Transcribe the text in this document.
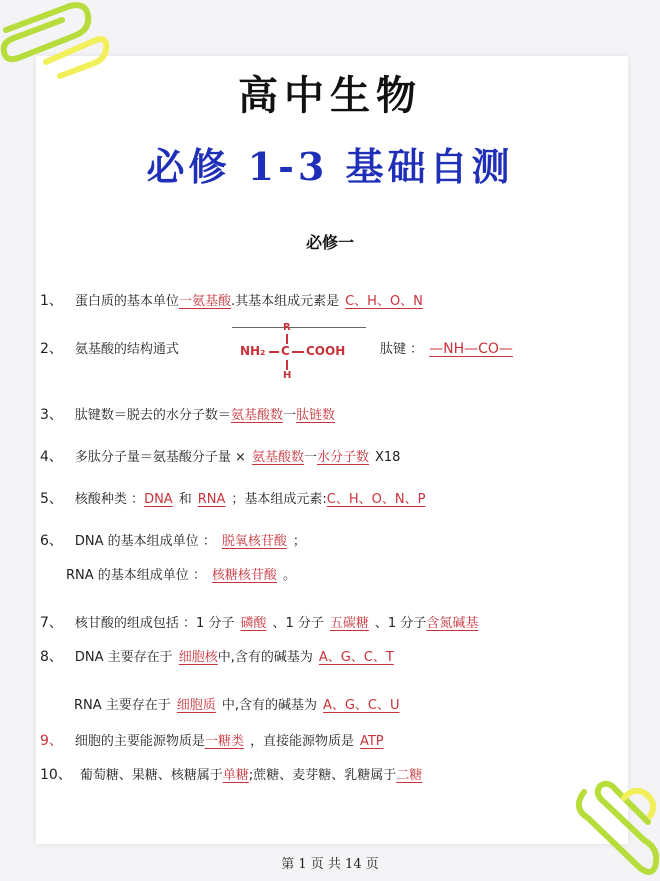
高中生物
必修 1-3 基础自测
必修一
1、 蛋白质的基本单位一氨基酸.其基本组成元素是 C、H、O、N
2、 氨基酸的结构通式
R
NH₂ C COOH
H
肽键 ： —NH—CO—
3、 肽键数＝脱去的水分子数＝氨基酸数一肽链数
4、 多肽分子量＝氨基酸分子量 × 氨基酸数一水分子数 X18
5、 核酸种类 ：DNA 和 RNA ；基本组成元素:C、H、O、N、P
6、 DNA 的基本组成单位 ： 脱氧核苷酸 ；
RNA 的基本组成单位 ： 核糖核苷酸 。
7、 核甘酸的组成包括 ：1 分子 磷酸 、1 分子 五碳糖 、1 分子含氮碱基
8、 DNA 主要存在于 细胞核中,含有的碱基为 A、G、C、T
RNA 主要存在于 细胞质 中,含有的碱基为 A、G、C、U
9、 细胞的主要能源物质是一糖类 ，直接能源物质是 ATP
10、 葡萄糖、果糖、核糖属于单糖;蔗糖、麦芽糖、乳糖属于二糖
第 1 页 共 14 页
